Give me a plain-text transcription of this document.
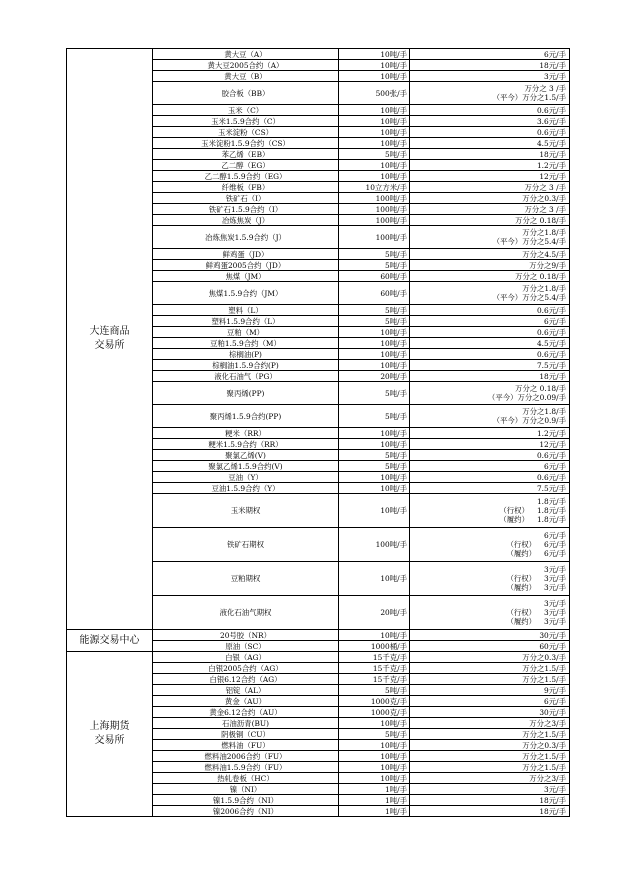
大连商品
交易所	黄大豆（A）	10吨/手	6元/手

	黄大豆2005合约（A）	10吨/手	18元/手

	黄大豆（B）	10吨/手	3元/手

	胶合板（BB）	500张/手	万分之 3 /手
（平今）万分之1.5/手

	玉米（C）	10吨/手	0.6元/手

	玉米1.5.9合约（C）	10吨/手	3.6元/手

	玉米淀粉（CS）	10吨/手	0.6元/手

	玉米淀粉1.5.9合约（CS）	10吨/手	4.5元/手

	苯乙烯（EB）	5吨/手	18元/手

	乙二醇（EG）	10吨/手	1.2元/手

	乙二醇1.5.9合约（EG）	10吨/手	12元/手

	纤维板（FB）	10立方米/手	万分之 3 /手

	铁矿石（I）	100吨/手	万分之0.3/手

	铁矿石1.5.9合约（I）	100吨/手	万分之 3 /手

	冶炼焦炭（J）	100吨/手	万分之 0.18/手

	冶炼焦炭1.5.9合约（J）	100吨/手	万分之1.8/手
（平今）万分之5.4/手

	鲜鸡蛋（JD）	5吨/手	万分之4.5/手

	鲜鸡蛋2005合约（JD）	5吨/手	万分之9/手

	焦煤（JM）	60吨/手	万分之 0.18/手

	焦煤1.5.9合约（JM）	60吨/手	万分之1.8/手
（平今）万分之5.4/手

	塑料（L）	5吨/手	0.6元/手

	塑料1.5.9合约（L）	5吨/手	6元/手

	豆粕（M）	10吨/手	0.6元/手

	豆粕1.5.9合约（M）	10吨/手	4.5元/手

	棕榈油(P)	10吨/手	0.6元/手

	棕榈油1.5.9合约(P)	10吨/手	7.5元/手

	液化石油气（PG）	20吨/手	18元/手

	聚丙烯(PP)	5吨/手	万分之 0.18/手
（平今）万分之0.09/手

	聚丙烯1.5.9合约(PP)	5吨/手	万分之1.8/手
（平今）万分之0.9/手

	粳米（RR）	10吨/手	1.2元/手

	粳米1.5.9合约（RR）	10吨/手	12元/手

	聚氯乙烯(V)	5吨/手	0.6元/手

	聚氯乙烯1.5.9合约(V)	5吨/手	6元/手

	豆油（Y）	10吨/手	0.6元/手

	豆油1.5.9合约（Y）	10吨/手	7.5元/手

	玉米期权	10吨/手	1.8元/手
（行权） 1.8元/手
（履约） 1.8元/手

	铁矿石期权	100吨/手	6元/手
（行权） 6元/手
（履约） 6元/手

	豆粕期权	10吨/手	3元/手
（行权） 3元/手
（履约） 3元/手

	液化石油气期权	20吨/手	3元/手
（行权） 3元/手
（履约） 3元/手

能源交易中心	20号胶（NR）	10吨/手	30元/手

	原油（SC）	1000桶/手	60元/手

上海期货
交易所	白银（AG）	15千克/手	万分之0.3/手

	白银2005合约（AG）	15千克/手	万分之1.5/手

	白银6.12合约（AG）	15千克/手	万分之1.5/手

	铝锭（AL）	5吨/手	9元/手

	黄金（AU）	1000克/手	6元/手

	黄金6.12合约（AU）	1000克/手	30元/手

	石油沥青(BU)	10吨/手	万分之3/手

	阴极铜（CU）	5吨/手	万分之1.5/手

	燃料油（FU）	10吨/手	万分之0.3/手

	燃料油2006合约（FU）	10吨/手	万分之1.5/手

	燃料油1.5.9合约（FU）	10吨/手	万分之1.5/手

	热轧卷板（HC）	10吨/手	万分之3/手

	镍（NI）	1吨/手	3元/手

	镍1.5.9合约（NI）	1吨/手	18元/手

	镍2006合约（NI）	1吨/手	18元/手
